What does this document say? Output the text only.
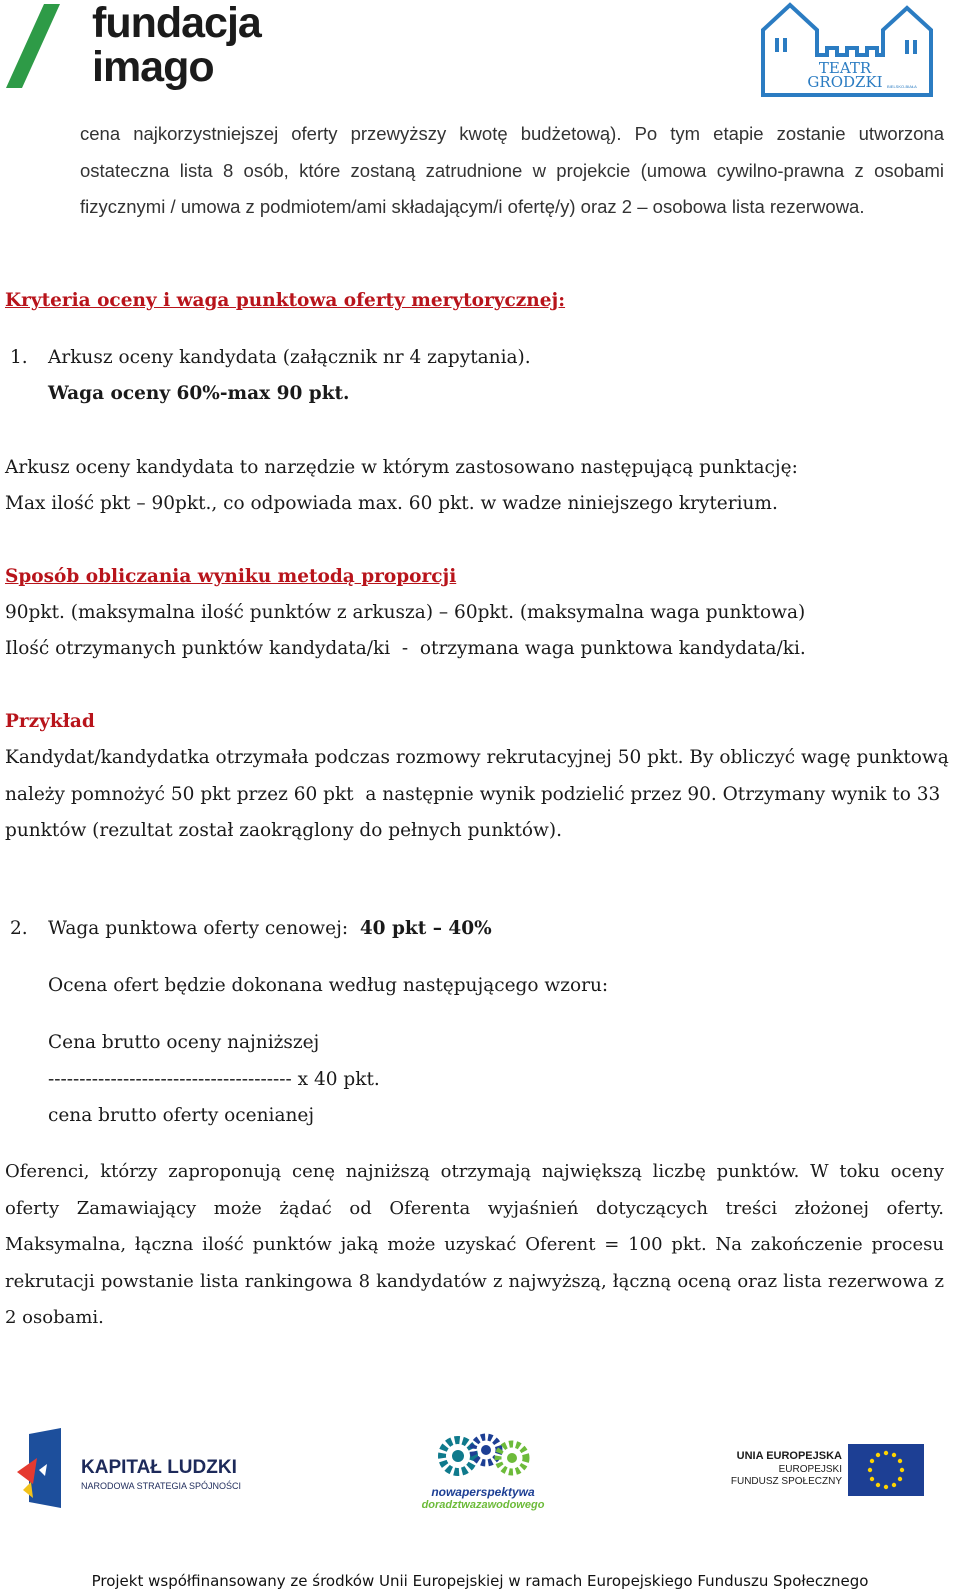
fundacja
imago	TEATR
GRODZKI	BIELSKO-BIAŁA
cena najkorzystniejszej oferty przewyższy kwotę budżetową). Po tym etapie zostanie utworzona ostateczna lista 8 osób, które zostaną zatrudnione w projekcie (umowa cywilno-prawna z osobami fizycznymi / umowa z podmiotem/ami składającym/i ofertę/y) oraz 2 – osobowa lista rezerwowa.
Kryteria oceny i waga punktowa oferty merytorycznej:
1. Arkusz oceny kandydata (załącznik nr 4 zapytania).
Waga oceny 60%-max 90 pkt.
Arkusz oceny kandydata to narzędzie w którym zastosowano następującą punktację:
Max ilość pkt – 90pkt., co odpowiada max. 60 pkt. w wadze niniejszego kryterium.
Sposób obliczania wyniku metodą proporcji
90pkt. (maksymalna ilość punktów z arkusza) – 60pkt. (maksymalna waga punktowa)
Ilość otrzymanych punktów kandydata/ki  -  otrzymana waga punktowa kandydata/ki.
Przykład
Kandydat/kandydatka otrzymała podczas rozmowy rekrutacyjnej 50 pkt. By obliczyć wagę punktową
należy pomnożyć 50 pkt przez 60 pkt  a następnie wynik podzielić przez 90. Otrzymany wynik to 33
punktów (rezultat został zaokrąglony do pełnych punktów).
2. Waga punktowa oferty cenowej: 40 pkt – 40%
Ocena ofert będzie dokonana według następującego wzoru:
Cena brutto oceny najniższej
--------------------------------------- x 40 pkt.
cena brutto oferty ocenianej
Oferenci, którzy zaproponują cenę najniższą otrzymają największą liczbę punktów. W toku oceny oferty Zamawiający może żądać od Oferenta wyjaśnień dotyczących treści złożonej oferty. Maksymalna, łączna ilość punktów jaką może uzyskać Oferent = 100 pkt. Na zakończenie procesu rekrutacji powstanie lista rankingowa 8 kandydatów z najwyższą, łączną oceną oraz lista rezerwowa z 2 osobami.
KAPITAŁ LUDZKI
NARODOWA STRATEGIA SPÓJNOŚCI	nowaperspektywa
doradztwazawodowego
UNIA EUROPEJSKA
EUROPEJSKI
FUNDUSZ SPOŁECZNY
Projekt współfinansowany ze środków Unii Europejskiej w ramach Europejskiego Funduszu Społecznego
